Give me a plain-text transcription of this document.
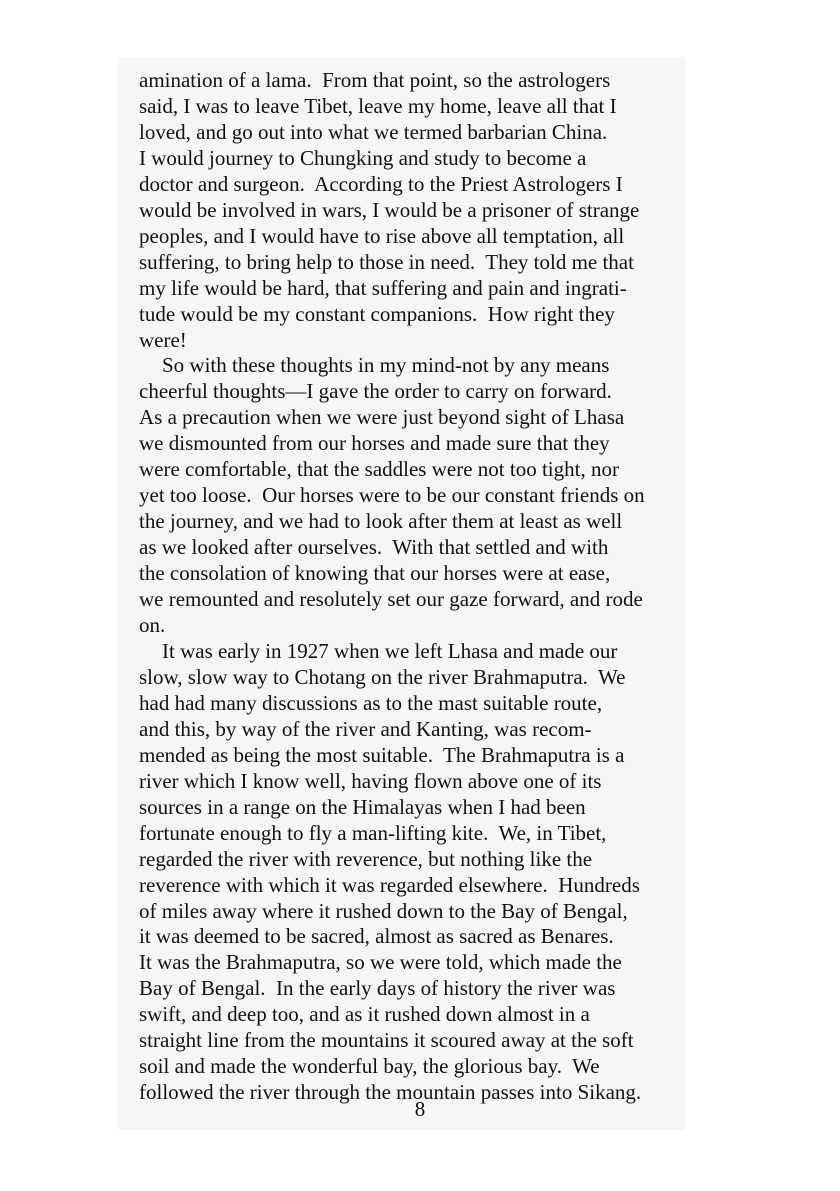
amination of a lama.  From that point, so the astrologers
said, I was to leave Tibet, leave my home, leave all that I
loved, and go out into what we termed barbarian China.
I would journey to Chungking and study to become a
doctor and surgeon.  According to the Priest Astrologers I
would be involved in wars, I would be a prisoner of strange
peoples, and I would have to rise above all temptation, all
suffering, to bring help to those in need.  They told me that
my life would be hard, that suffering and pain and ingrati-
tude would be my constant companions.  How right they
were!
So with these thoughts in my mind-not by any means
cheerful thoughts—I gave the order to carry on forward.
As a precaution when we were just beyond sight of Lhasa
we dismounted from our horses and made sure that they
were comfortable, that the saddles were not too tight, nor
yet too loose.  Our horses were to be our constant friends on
the journey, and we had to look after them at least as well
as we looked after ourselves.  With that settled and with
the consolation of knowing that our horses were at ease,
we remounted and resolutely set our gaze forward, and rode
on.
It was early in 1927 when we left Lhasa and made our
slow, slow way to Chotang on the river Brahmaputra.  We
had had many discussions as to the mast suitable route,
and this, by way of the river and Kanting, was recom-
mended as being the most suitable.  The Brahmaputra is a
river which I know well, having flown above one of its
sources in a range on the Himalayas when I had been
fortunate enough to fly a man-lifting kite.  We, in Tibet,
regarded the river with reverence, but nothing like the
reverence with which it was regarded elsewhere.  Hundreds
of miles away where it rushed down to the Bay of Bengal,
it was deemed to be sacred, almost as sacred as Benares.
It was the Brahmaputra, so we were told, which made the
Bay of Bengal.  In the early days of history the river was
swift, and deep too, and as it rushed down almost in a
straight line from the mountains it scoured away at the soft
soil and made the wonderful bay, the glorious bay.  We
followed the river through the mountain passes into Sikang.
8
